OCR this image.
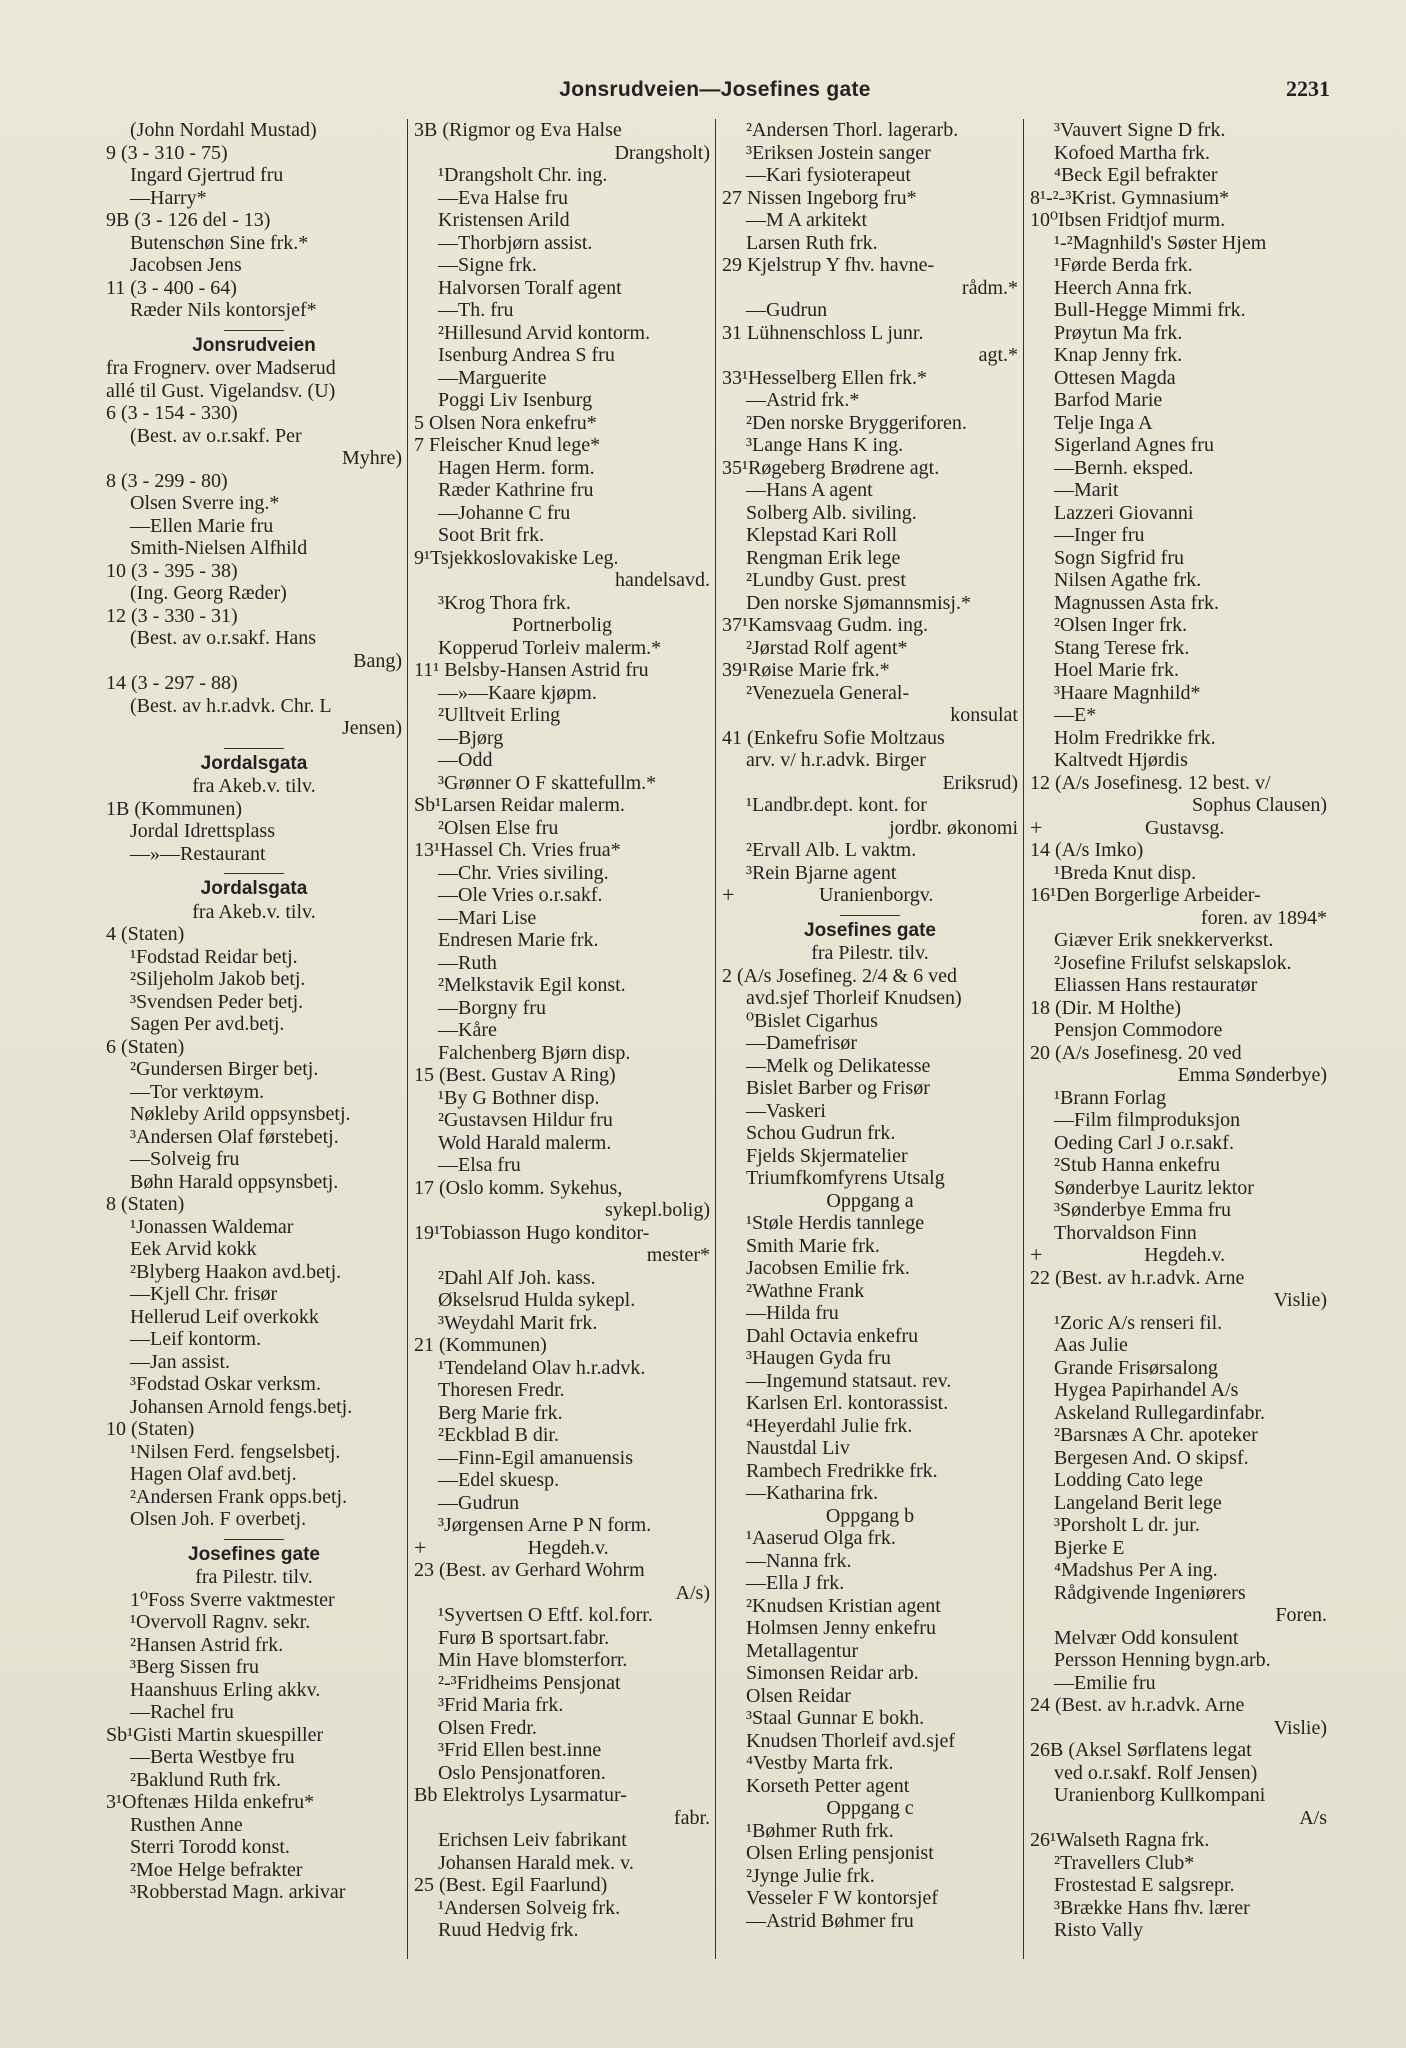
Jonsrudveien—Josefines gate	2231
(John Nordahl Mustad)
9 (3 - 310 - 75)
Ingard Gjertrud fru
—Harry*
9B (3 - 126 del - 13)
Butenschøn Sine frk.*
Jacobsen Jens
11 (3 - 400 - 64)
Ræder Nils kontorsjef*
Jonsrudveien
fra Frognerv. over Madserud
allé til Gust. Vigelandsv. (U)
6 (3 - 154 - 330)
(Best. av o.r.sakf. Per
Myhre)
8 (3 - 299 - 80)
Olsen Sverre ing.*
—Ellen Marie fru
Smith-Nielsen Alfhild
10 (3 - 395 - 38)
(Ing. Georg Ræder)
12 (3 - 330 - 31)
(Best. av o.r.sakf. Hans
Bang)
14 (3 - 297 - 88)
(Best. av h.r.advk. Chr. L
Jensen)
Jordalsgata
fra Akeb.v. tilv.
1B (Kommunen)
Jordal Idrettsplass
—»—Restaurant
Jordalsgata
fra Akeb.v. tilv.
4 (Staten)
¹Fodstad Reidar betj.
²Siljeholm Jakob betj.
³Svendsen Peder betj.
Sagen Per avd.betj.
6 (Staten)
²Gundersen Birger betj.
—Tor verktøym.
Nøkleby Arild oppsynsbetj.
³Andersen Olaf førstebetj.
—Solveig fru
Bøhn Harald oppsynsbetj.
8 (Staten)
¹Jonassen Waldemar
Eek Arvid kokk
²Blyberg Haakon avd.betj.
—Kjell Chr. frisør
Hellerud Leif overkokk
—Leif kontorm.
—Jan assist.
³Fodstad Oskar verksm.
Johansen Arnold fengs.betj.
10 (Staten)
¹Nilsen Ferd. fengselsbetj.
Hagen Olaf avd.betj.
²Andersen Frank opps.betj.
Olsen Joh. F overbetj.
Josefines gate
fra Pilestr. tilv.
1⁰Foss Sverre vaktmester
¹Overvoll Ragnv. sekr.
²Hansen Astrid frk.
³Berg Sissen fru
Haanshuus Erling akkv.
—Rachel fru
Sb¹Gisti Martin skuespiller
—Berta Westbye fru
²Baklund Ruth frk.
3¹Oftenæs Hilda enkefru*
Rusthen Anne
Sterri Torodd konst.
²Moe Helge befrakter
³Robberstad Magn. arkivar
3B (Rigmor og Eva Halse
Drangsholt)
¹Drangsholt Chr. ing.
—Eva Halse fru
Kristensen Arild
—Thorbjørn assist.
—Signe frk.
Halvorsen Toralf agent
—Th. fru
²Hillesund Arvid kontorm.
Isenburg Andrea S fru
—Marguerite
Poggi Liv Isenburg
5 Olsen Nora enkefru*
7 Fleischer Knud lege*
Hagen Herm. form.
Ræder Kathrine fru
—Johanne C fru
Soot Brit frk.
9¹Tsjekkoslovakiske Leg.
handelsavd.
³Krog Thora frk.
Portnerbolig
Kopperud Torleiv malerm.*
11¹ Belsby-Hansen Astrid fru
—»—Kaare kjøpm.
²Ulltveit Erling
—Bjørg
—Odd
³Grønner O F skattefullm.*
Sb¹Larsen Reidar malerm.
²Olsen Else fru
13¹Hassel Ch. Vries frua*
—Chr. Vries siviling.
—Ole Vries o.r.sakf.
—Mari Lise
Endresen Marie frk.
—Ruth
²Melkstavik Egil konst.
—Borgny fru
—Kåre
Falchenberg Bjørn disp.
15 (Best. Gustav A Ring)
¹By G Bothner disp.
²Gustavsen Hildur fru
Wold Harald malerm.
—Elsa fru
17 (Oslo komm. Sykehus,
sykepl.bolig)
19¹Tobiasson Hugo konditor-
mester*
²Dahl Alf Joh. kass.
Økselsrud Hulda sykepl.
³Weydahl Marit frk.
21 (Kommunen)
¹Tendeland Olav h.r.advk.
Thoresen Fredr.
Berg Marie frk.
²Eckblad B dir.
—Finn-Egil amanuensis
—Edel skuesp.
—Gudrun
³Jørgensen Arne P N form.
+	Hegdeh.v.
23 (Best. av Gerhard Wohrm
A/s)
¹Syvertsen O Eftf. kol.forr.
Furø B sportsart.fabr.
Min Have blomsterforr.
²-³Fridheims Pensjonat
³Frid Maria frk.
Olsen Fredr.
³Frid Ellen best.inne
Oslo Pensjonatforen.
Bb Elektrolys Lysarmatur-
fabr.
Erichsen Leiv fabrikant
Johansen Harald mek. v.
25 (Best. Egil Faarlund)
¹Andersen Solveig frk.
Ruud Hedvig frk.
²Andersen Thorl. lagerarb.
³Eriksen Jostein sanger
—Kari fysioterapeut
27 Nissen Ingeborg fru*
—M A arkitekt
Larsen Ruth frk.
29 Kjelstrup Y fhv. havne-
rådm.*
—Gudrun
31 Lühnenschloss L junr.
agt.*
33¹Hesselberg Ellen frk.*
—Astrid frk.*
²Den norske Bryggeriforen.
³Lange Hans K ing.
35¹Røgeberg Brødrene agt.
—Hans A agent
Solberg Alb. siviling.
Klepstad Kari Roll
Rengman Erik lege
²Lundby Gust. prest
Den norske Sjømannsmisj.*
37¹Kamsvaag Gudm. ing.
²Jørstad Rolf agent*
39¹Røise Marie frk.*
²Venezuela General-
konsulat
41 (Enkefru Sofie Moltzaus
arv. v/ h.r.advk. Birger
Eriksrud)
¹Landbr.dept. kont. for
jordbr. økonomi
²Ervall Alb. L vaktm.
³Rein Bjarne agent
+	Uranienborgv.
Josefines gate
fra Pilestr. tilv.
2 (A/s Josefineg. 2/4 & 6 ved
avd.sjef Thorleif Knudsen)
⁰Bislet Cigarhus
—Damefrisør
—Melk og Delikatesse
Bislet Barber og Frisør
—Vaskeri
Schou Gudrun frk.
Fjelds Skjermatelier
Triumfkomfyrens Utsalg
Oppgang a
¹Støle Herdis tannlege
Smith Marie frk.
Jacobsen Emilie frk.
²Wathne Frank
—Hilda fru
Dahl Octavia enkefru
³Haugen Gyda fru
—Ingemund statsaut. rev.
Karlsen Erl. kontorassist.
⁴Heyerdahl Julie frk.
Naustdal Liv
Rambech Fredrikke frk.
—Katharina frk.
Oppgang b
¹Aaserud Olga frk.
—Nanna frk.
—Ella J frk.
²Knudsen Kristian agent
Holmsen Jenny enkefru
Metallagentur
Simonsen Reidar arb.
Olsen Reidar
³Staal Gunnar E bokh.
Knudsen Thorleif avd.sjef
⁴Vestby Marta frk.
Korseth Petter agent
Oppgang c
¹Bøhmer Ruth frk.
Olsen Erling pensjonist
²Jynge Julie frk.
Vesseler F W kontorsjef
—Astrid Bøhmer fru
³Vauvert Signe D frk.
Kofoed Martha frk.
⁴Beck Egil befrakter
8¹-²-³Krist. Gymnasium*
10⁰Ibsen Fridtjof murm.
¹-²Magnhild's Søster Hjem
¹Førde Berda frk.
Heerch Anna frk.
Bull-Hegge Mimmi frk.
Prøytun Ma frk.
Knap Jenny frk.
Ottesen Magda
Barfod Marie
Telje Inga A
Sigerland Agnes fru
—Bernh. eksped.
—Marit
Lazzeri Giovanni
—Inger fru
Sogn Sigfrid fru
Nilsen Agathe frk.
Magnussen Asta frk.
²Olsen Inger frk.
Stang Terese frk.
Hoel Marie frk.
³Haare Magnhild*
—E*
Holm Fredrikke frk.
Kaltvedt Hjørdis
12 (A/s Josefinesg. 12 best. v/
Sophus Clausen)
+	Gustavsg.
14 (A/s Imko)
¹Breda Knut disp.
16¹Den Borgerlige Arbeider-
foren. av 1894*
Giæver Erik snekkerverkst.
²Josefine Frilufst selskapslok.
Eliassen Hans restauratør
18 (Dir. M Holthe)
Pensjon Commodore
20 (A/s Josefinesg. 20 ved
Emma Sønderbye)
¹Brann Forlag
—Film filmproduksjon
Oeding Carl J o.r.sakf.
²Stub Hanna enkefru
Sønderbye Lauritz lektor
³Sønderbye Emma fru
Thorvaldson Finn
+	Hegdeh.v.
22 (Best. av h.r.advk. Arne
Vislie)
¹Zoric A/s renseri fil.
Aas Julie
Grande Frisørsalong
Hygea Papirhandel A/s
Askeland Rullegardinfabr.
²Barsnæs A Chr. apoteker
Bergesen And. O skipsf.
Lodding Cato lege
Langeland Berit lege
³Porsholt L dr. jur.
Bjerke E
⁴Madshus Per A ing.
Rådgivende Ingeniørers
Foren.
Melvær Odd konsulent
Persson Henning bygn.arb.
—Emilie fru
24 (Best. av h.r.advk. Arne
Vislie)
26B (Aksel Sørflatens legat
ved o.r.sakf. Rolf Jensen)
Uranienborg Kullkompani
A/s
26¹Walseth Ragna frk.
²Travellers Club*
Frostestad E salgsrepr.
³Brække Hans fhv. lærer
Risto Vally
